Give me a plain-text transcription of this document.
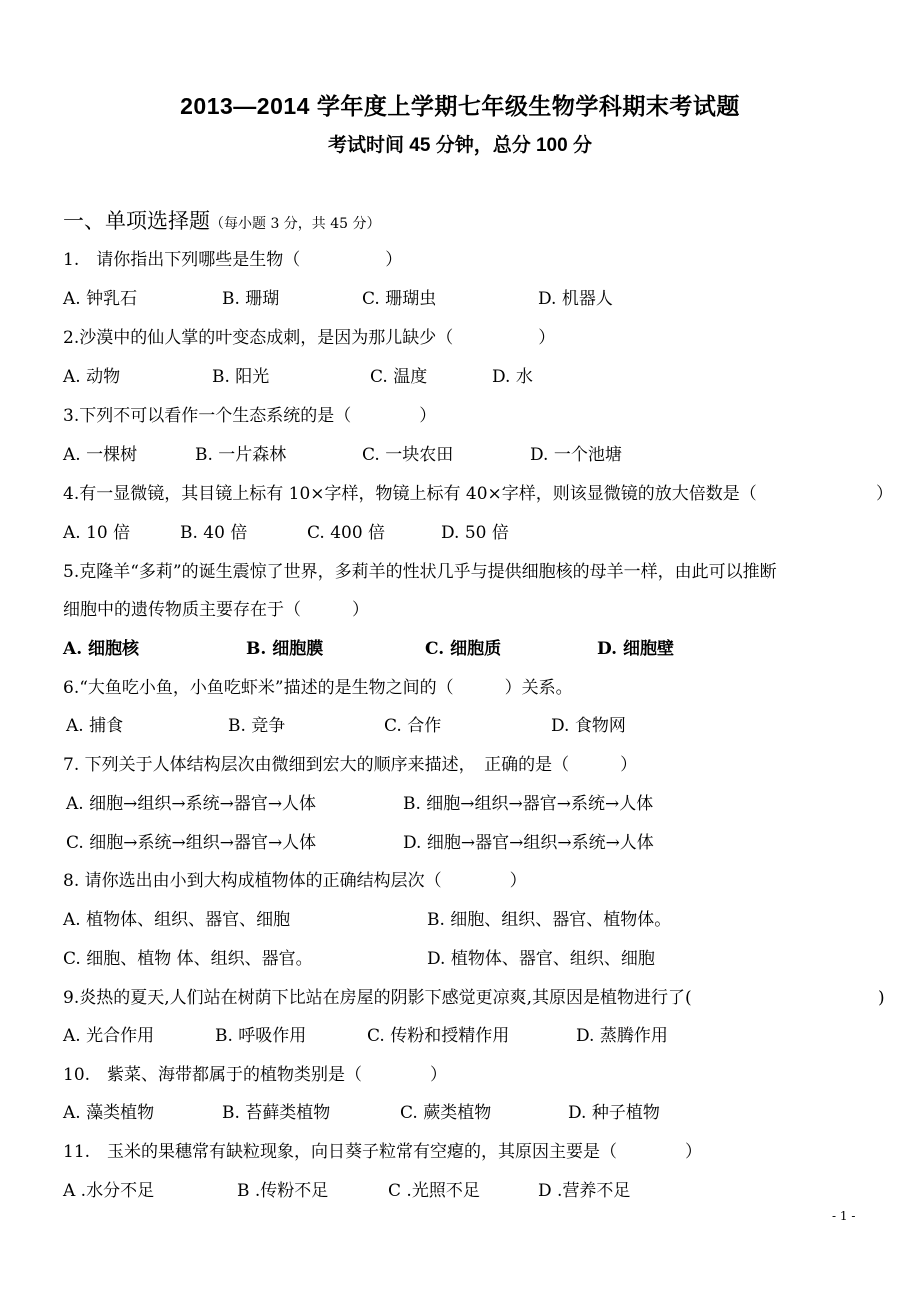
2013—2014 学年度上学期七年级生物学科期末考试题
考试时间 45 分钟，总分 100 分
一、单项选择题（每小题 3 分，共 45 分）
1.　请你指出下列哪些是生物（　　　　　）
A. 钟乳石	B. 珊瑚	C. 珊瑚虫	D. 机器人
2.沙漠中的仙人掌的叶变态成刺，是因为那儿缺少（　　　　　）
A. 动物	B. 阳光	C. 温度	D. 水
3.下列不可以看作一个生态系统的是（　　　　）
A. 一棵树	B. 一片森林	C. 一块农田	D. 一个池塘
4.有一显微镜，其目镜上标有 10×字样，物镜上标有 40×字样，则该显微镜的放大倍数是（	）
A. 10 倍	B. 40 倍	C. 400 倍	D. 50 倍
5.克隆羊“多莉”的诞生震惊了世界，多莉羊的性状几乎与提供细胞核的母羊一样，由此可以推断
细胞中的遗传物质主要存在于（　　　）
A. 细胞核	B. 细胞膜	C. 细胞质	D. 细胞壁
6.“大鱼吃小鱼，小鱼吃虾米”描述的是生物之间的（　　　）关系。
A. 捕食	B. 竞争	C. 合作	D. 食物网
7. 下列关于人体结构层次由微细到宏大的顺序来描述，　正确的是（　　　）
A. 细胞→组织→系统→器官→人体	B. 细胞→组织→器官→系统→人体
C. 细胞→系统→组织→器官→人体	D. 细胞→器官→组织→系统→人体
8. 请你选出由小到大构成植物体的正确结构层次（　　　　）
A. 植物体、组织、器官、细胞	B. 细胞、组织、器官、植物体。
C. 细胞、植物 体、组织、器官。	D. 植物体、器官、组织、细胞
9.炎热的夏天,人们站在树荫下比站在房屋的阴影下感觉更凉爽,其原因是植物进行了(	)
A. 光合作用	B. 呼吸作用	C. 传粉和授精作用	D. 蒸腾作用
10.　紫菜、海带都属于的植物类别是（　　　　）
A. 藻类植物	B. 苔藓类植物	C. 蕨类植物	D. 种子植物
11.　玉米的果穗常有缺粒现象，向日葵子粒常有空瘪的，其原因主要是（　　　　）
A .水分不足	B .传粉不足	C .光照不足	D .营养不足
- 1 -
